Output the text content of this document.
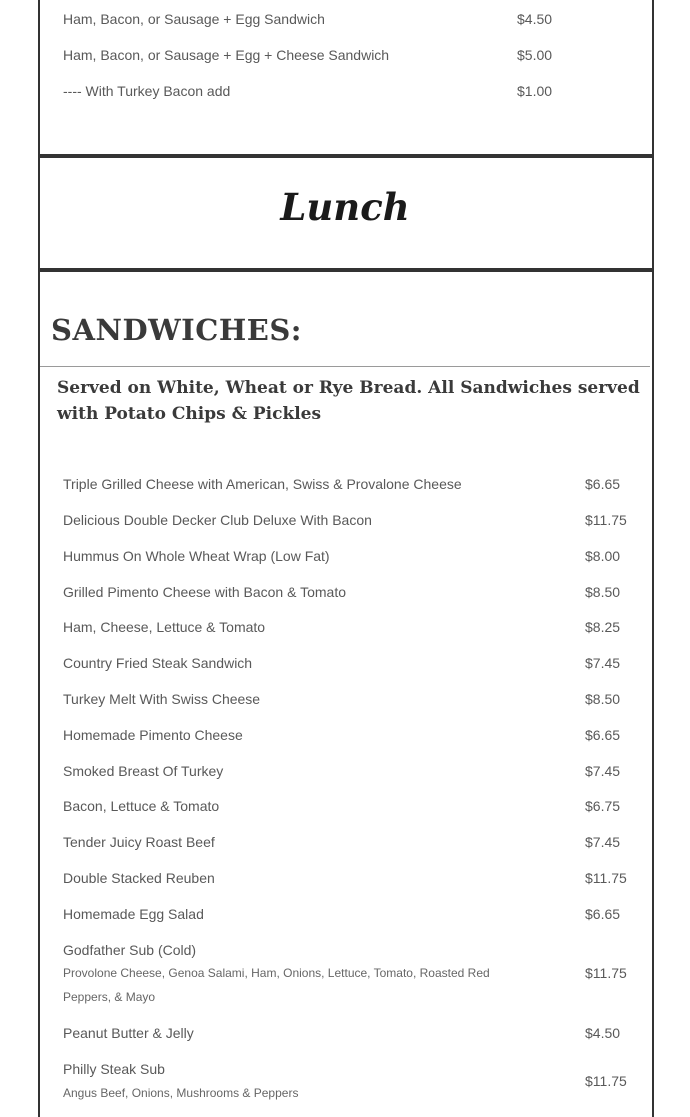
Ham, Bacon, or Sausage + Egg Sandwich	$4.50
Ham, Bacon, or Sausage + Egg + Cheese Sandwich	$5.00
---- With Turkey Bacon add	$1.00
Lunch
SANDWICHES:
Served on White, Wheat or Rye Bread. All Sandwiches served with Potato Chips & Pickles
Triple Grilled Cheese with American, Swiss & Provalone Cheese	$6.65
Delicious Double Decker Club Deluxe With Bacon	$11.75
Hummus On Whole Wheat Wrap (Low Fat)	$8.00
Grilled Pimento Cheese with Bacon & Tomato	$8.50
Ham, Cheese, Lettuce & Tomato	$8.25
Country Fried Steak Sandwich	$7.45
Turkey Melt With Swiss Cheese	$8.50
Homemade Pimento Cheese	$6.65
Smoked Breast Of Turkey	$7.45
Bacon, Lettuce & Tomato	$6.75
Tender Juicy Roast Beef	$7.45
Double Stacked Reuben	$11.75
Homemade Egg Salad	$6.65
Godfather Sub (Cold)
Provolone Cheese, Genoa Salami, Ham, Onions, Lettuce, Tomato, Roasted Red Peppers, & Mayo
$11.75
Peanut Butter & Jelly	$4.50
Philly Steak Sub
Angus Beef, Onions, Mushrooms & Peppers
$11.75
